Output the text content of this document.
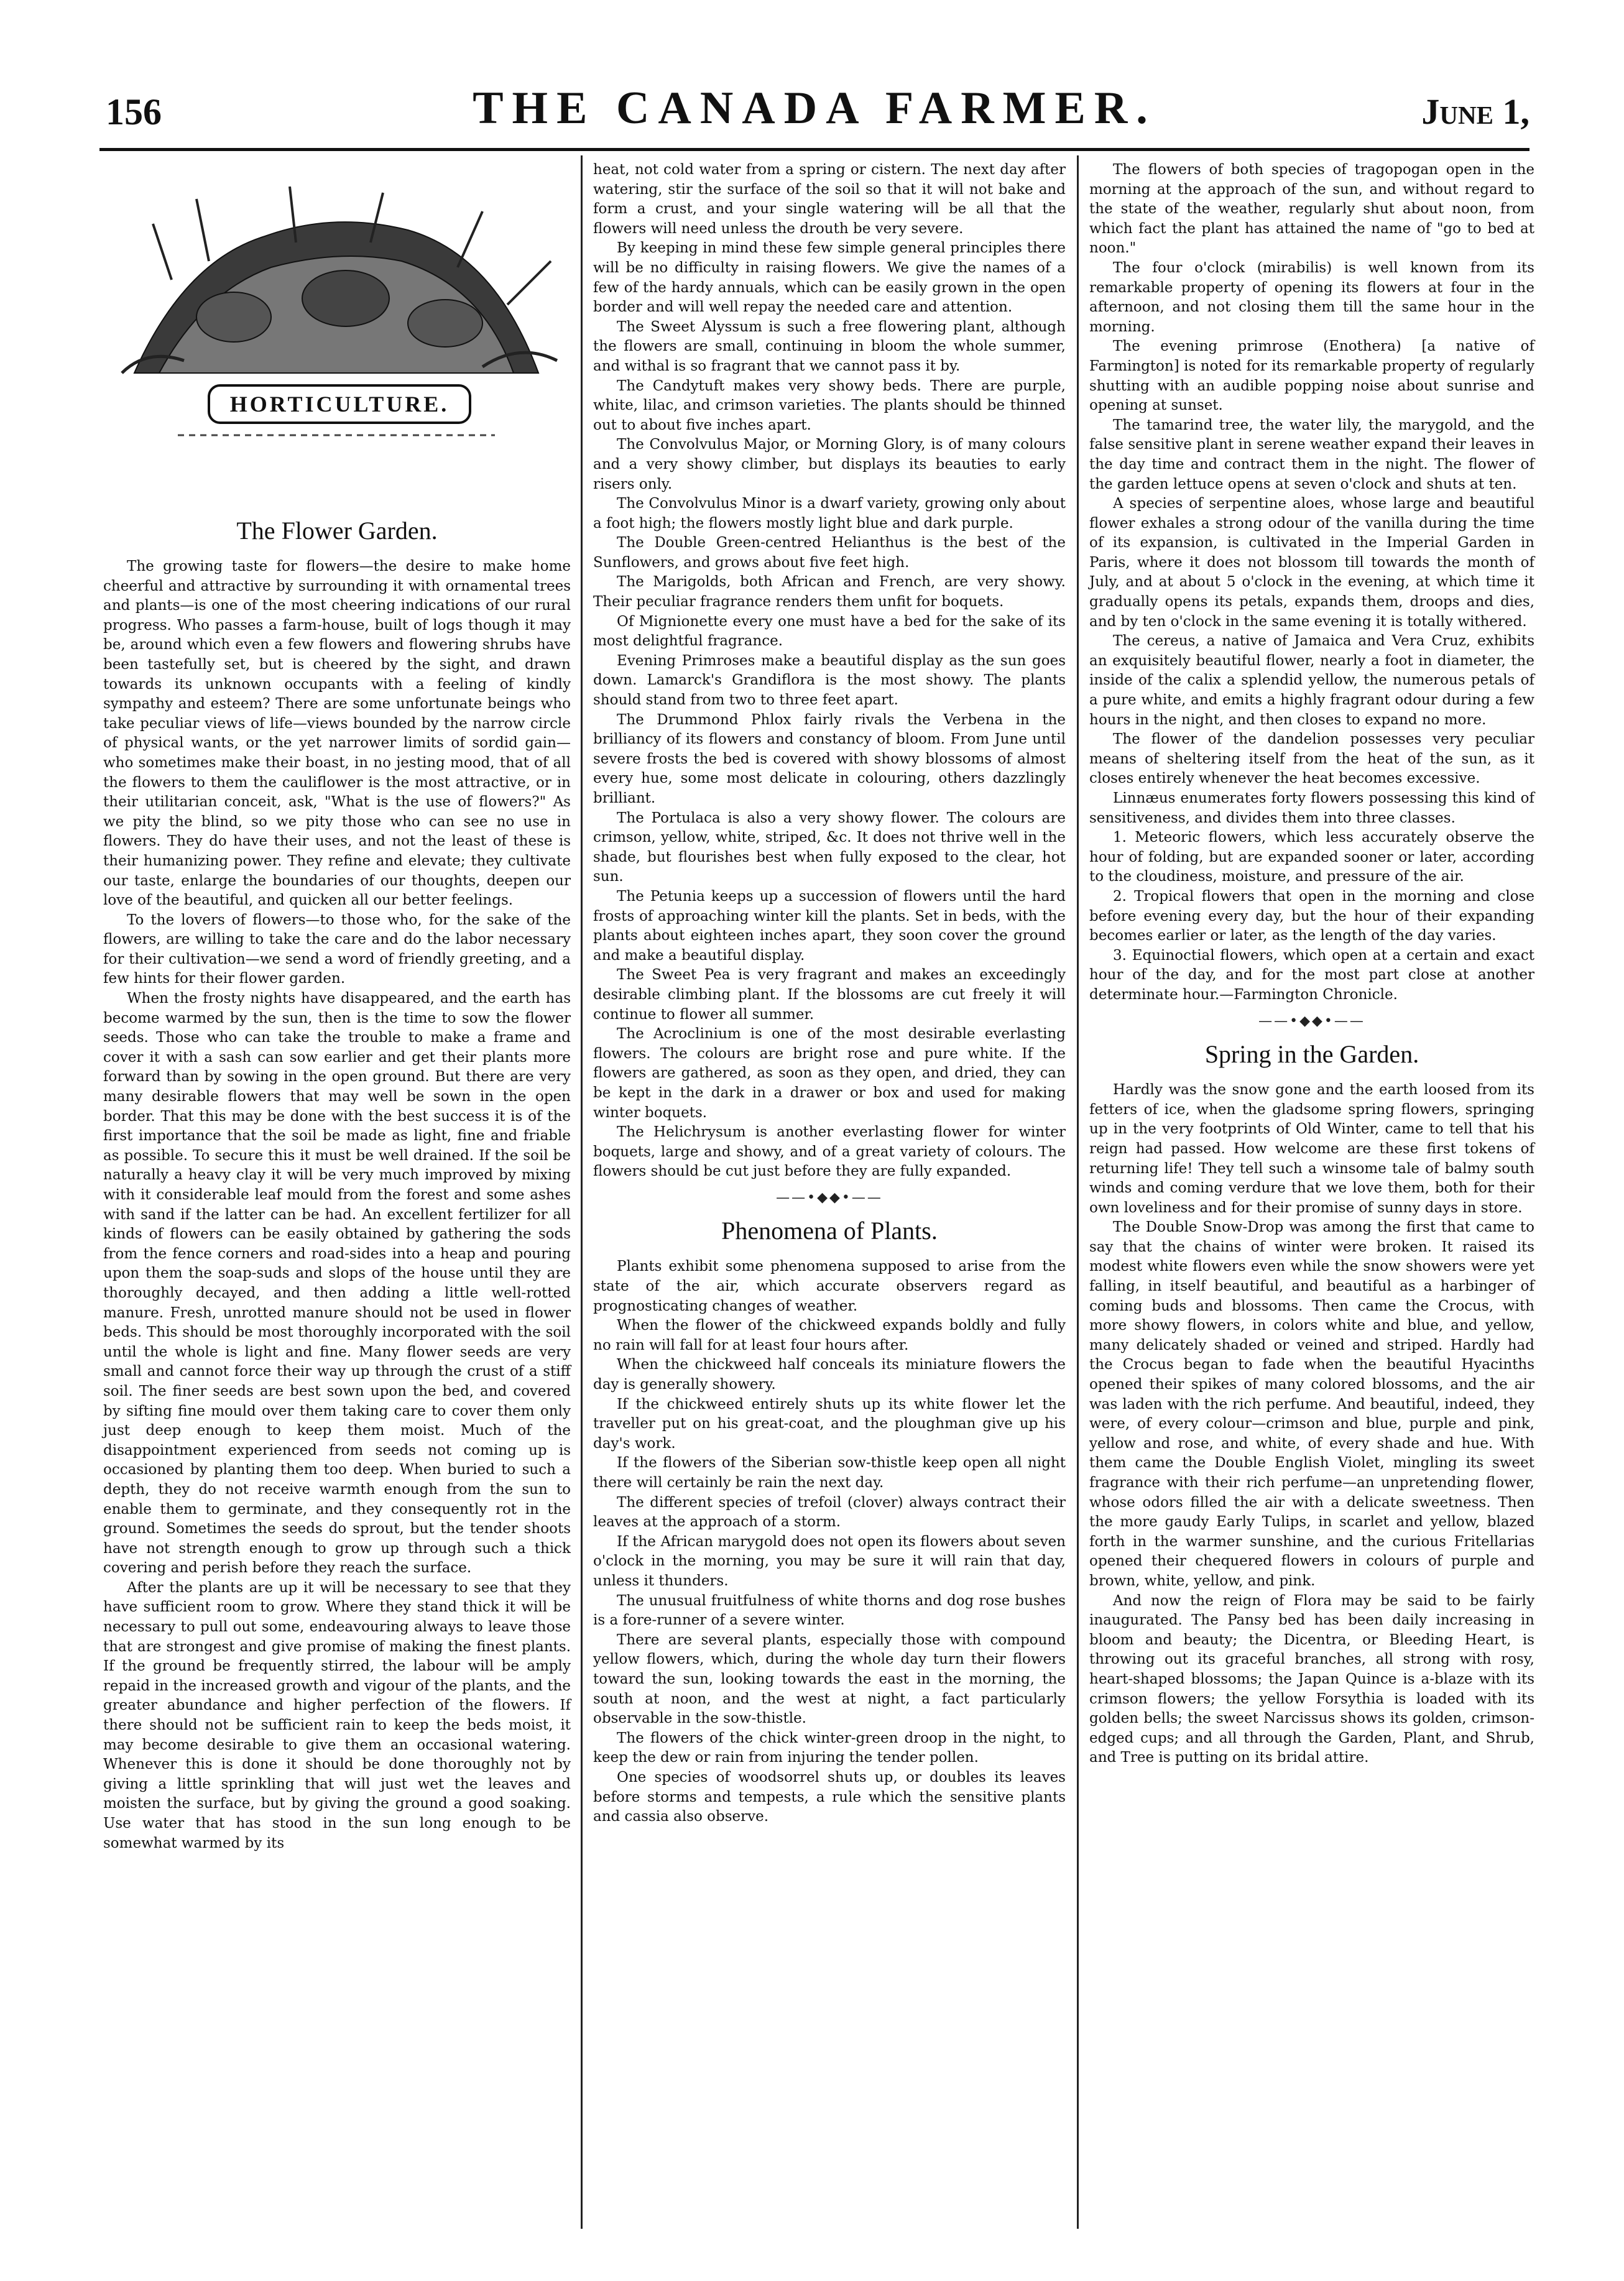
156	THE CANADA FARMER.	June 1,
HORTICULTURE.
The Flower Garden.

The growing taste for flowers—the desire to make home cheerful and attractive by surrounding it with ornamental trees and plants—is one of the most cheering indications of our rural progress. Who passes a farm-house, built of logs though it may be, around which even a few flowers and flowering shrubs have been tastefully set, but is cheered by the sight, and drawn towards its unknown occupants with a feeling of kindly sympathy and esteem? There are some unfortunate beings who take peculiar views of life—views bounded by the narrow circle of physical wants, or the yet narrower limits of sordid gain—who sometimes make their boast, in no jesting mood, that of all the flowers to them the cauliflower is the most attractive, or in their utilitarian conceit, ask, "What is the use of flowers?" As we pity the blind, so we pity those who can see no use in flowers. They do have their uses, and not the least of these is their humanizing power. They refine and elevate; they cultivate our taste, enlarge the boundaries of our thoughts, deepen our love of the beautiful, and quicken all our better feelings.

To the lovers of flowers—to those who, for the sake of the flowers, are willing to take the care and do the labor necessary for their cultivation—we send a word of friendly greeting, and a few hints for their flower garden.

When the frosty nights have disappeared, and the earth has become warmed by the sun, then is the time to sow the flower seeds. Those who can take the trouble to make a frame and cover it with a sash can sow earlier and get their plants more forward than by sowing in the open ground. But there are very many desirable flowers that may well be sown in the open border. That this may be done with the best success it is of the first importance that the soil be made as light, fine and friable as possible. To secure this it must be well drained. If the soil be naturally a heavy clay it will be very much improved by mixing with it considerable leaf mould from the forest and some ashes with sand if the latter can be had. An excellent fertilizer for all kinds of flowers can be easily obtained by gathering the sods from the fence corners and road-sides into a heap and pouring upon them the soap-suds and slops of the house until they are thoroughly decayed, and then adding a little well-rotted manure. Fresh, unrotted manure should not be used in flower beds. This should be most thoroughly incorporated with the soil until the whole is light and fine. Many flower seeds are very small and cannot force their way up through the crust of a stiff soil. The finer seeds are best sown upon the bed, and covered by sifting fine mould over them taking care to cover them only just deep enough to keep them moist. Much of the disappointment experienced from seeds not coming up is occasioned by planting them too deep. When buried to such a depth, they do not receive warmth enough from the sun to enable them to germinate, and they consequently rot in the ground. Sometimes the seeds do sprout, but the tender shoots have not strength enough to grow up through such a thick covering and perish before they reach the surface.

After the plants are up it will be necessary to see that they have sufficient room to grow. Where they stand thick it will be necessary to pull out some, endeavouring always to leave those that are strongest and give promise of making the finest plants. If the ground be frequently stirred, the labour will be amply repaid in the increased growth and vigour of the plants, and the greater abundance and higher perfection of the flowers. If there should not be sufficient rain to keep the beds moist, it may become desirable to give them an occasional watering. Whenever this is done it should be done thoroughly not by giving a little sprinkling that will just wet the leaves and moisten the surface, but by giving the ground a good soaking. Use water that has stood in the sun long enough to be somewhat warmed by its

heat, not cold water from a spring or cistern. The next day after watering, stir the surface of the soil so that it will not bake and form a crust, and your single watering will be all that the flowers will need unless the drouth be very severe.

By keeping in mind these few simple general principles there will be no difficulty in raising flowers. We give the names of a few of the hardy annuals, which can be easily grown in the open border and will well repay the needed care and attention.

The Sweet Alyssum is such a free flowering plant, although the flowers are small, continuing in bloom the whole summer, and withal is so fragrant that we cannot pass it by.

The Candytuft makes very showy beds. There are purple, white, lilac, and crimson varieties. The plants should be thinned out to about five inches apart.

The Convolvulus Major, or Morning Glory, is of many colours and a very showy climber, but displays its beauties to early risers only.

The Convolvulus Minor is a dwarf variety, growing only about a foot high; the flowers mostly light blue and dark purple.

The Double Green-centred Helianthus is the best of the Sunflowers, and grows about five feet high.

The Marigolds, both African and French, are very showy. Their peculiar fragrance renders them unfit for boquets.

Of Mignionette every one must have a bed for the sake of its most delightful fragrance.

Evening Primroses make a beautiful display as the sun goes down. Lamarck's Grandiflora is the most showy. The plants should stand from two to three feet apart.

The Drummond Phlox fairly rivals the Verbena in the brilliancy of its flowers and constancy of bloom. From June until severe frosts the bed is covered with showy blossoms of almost every hue, some most delicate in colouring, others dazzlingly brilliant.

The Portulaca is also a very showy flower. The colours are crimson, yellow, white, striped, &c. It does not thrive well in the shade, but flourishes best when fully exposed to the clear, hot sun.

The Petunia keeps up a succession of flowers until the hard frosts of approaching winter kill the plants. Set in beds, with the plants about eighteen inches apart, they soon cover the ground and make a beautiful display.

The Sweet Pea is very fragrant and makes an exceedingly desirable climbing plant. If the blossoms are cut freely it will continue to flower all summer.

The Acroclinium is one of the most desirable everlasting flowers. The colours are bright rose and pure white. If the flowers are gathered, as soon as they open, and dried, they can be kept in the dark in a drawer or box and used for making winter boquets.

The Helichrysum is another everlasting flower for winter boquets, large and showy, and of a great variety of colours. The flowers should be cut just before they are fully expanded.

——•◆◆•——
Phenomena of Plants.

Plants exhibit some phenomena supposed to arise from the state of the air, which accurate observers regard as prognosticating changes of weather.

When the flower of the chickweed expands boldly and fully no rain will fall for at least four hours after.

When the chickweed half conceals its miniature flowers the day is generally showery.

If the chickweed entirely shuts up its white flower let the traveller put on his great-coat, and the ploughman give up his day's work.

If the flowers of the Siberian sow-thistle keep open all night there will certainly be rain the next day.

The different species of trefoil (clover) always contract their leaves at the approach of a storm.

If the African marygold does not open its flowers about seven o'clock in the morning, you may be sure it will rain that day, unless it thunders.

The unusual fruitfulness of white thorns and dog rose bushes is a fore-runner of a severe winter.

There are several plants, especially those with compound yellow flowers, which, during the whole day turn their flowers toward the sun, looking towards the east in the morning, the south at noon, and the west at night, a fact particularly observable in the sow-thistle.

The flowers of the chick winter-green droop in the night, to keep the dew or rain from injuring the tender pollen.

One species of woodsorrel shuts up, or doubles its leaves before storms and tempests, a rule which the sensitive plants and cassia also observe.

The flowers of both species of tragopogan open in the morning at the approach of the sun, and without regard to the state of the weather, regularly shut about noon, from which fact the plant has attained the name of "go to bed at noon."

The four o'clock (mirabilis) is well known from its remarkable property of opening its flowers at four in the afternoon, and not closing them till the same hour in the morning.

The evening primrose (Enothera) [a native of Farmington] is noted for its remarkable property of regularly shutting with an audible popping noise about sunrise and opening at sunset.

The tamarind tree, the water lily, the marygold, and the false sensitive plant in serene weather expand their leaves in the day time and contract them in the night. The flower of the garden lettuce opens at seven o'clock and shuts at ten.

A species of serpentine aloes, whose large and beautiful flower exhales a strong odour of the vanilla during the time of its expansion, is cultivated in the Imperial Garden in Paris, where it does not blossom till towards the month of July, and at about 5 o'clock in the evening, at which time it gradually opens its petals, expands them, droops and dies, and by ten o'clock in the same evening it is totally withered.

The cereus, a native of Jamaica and Vera Cruz, exhibits an exquisitely beautiful flower, nearly a foot in diameter, the inside of the calix a splendid yellow, the numerous petals of a pure white, and emits a highly fragrant odour during a few hours in the night, and then closes to expand no more.

The flower of the dandelion possesses very peculiar means of sheltering itself from the heat of the sun, as it closes entirely whenever the heat becomes excessive.

Linnæus enumerates forty flowers possessing this kind of sensitiveness, and divides them into three classes.

1. Meteoric flowers, which less accurately observe the hour of folding, but are expanded sooner or later, according to the cloudiness, moisture, and pressure of the air.

2. Tropical flowers that open in the morning and close before evening every day, but the hour of their expanding becomes earlier or later, as the length of the day varies.

3. Equinoctial flowers, which open at a certain and exact hour of the day, and for the most part close at another determinate hour.—Farmington Chronicle.

——•◆◆•——
Spring in the Garden.

Hardly was the snow gone and the earth loosed from its fetters of ice, when the gladsome spring flowers, springing up in the very footprints of Old Winter, came to tell that his reign had passed. How welcome are these first tokens of returning life! They tell such a winsome tale of balmy south winds and coming verdure that we love them, both for their own loveliness and for their promise of sunny days in store.

The Double Snow-Drop was among the first that came to say that the chains of winter were broken. It raised its modest white flowers even while the snow showers were yet falling, in itself beautiful, and beautiful as a harbinger of coming buds and blossoms. Then came the Crocus, with more showy flowers, in colors white and blue, and yellow, many delicately shaded or veined and striped. Hardly had the Crocus began to fade when the beautiful Hyacinths opened their spikes of many colored blossoms, and the air was laden with the rich perfume. And beautiful, indeed, they were, of every colour—crimson and blue, purple and pink, yellow and rose, and white, of every shade and hue. With them came the Double English Violet, mingling its sweet fragrance with their rich perfume—an unpretending flower, whose odors filled the air with a delicate sweetness. Then the more gaudy Early Tulips, in scarlet and yellow, blazed forth in the warmer sunshine, and the curious Fritellarias opened their chequered flowers in colours of purple and brown, white, yellow, and pink.

And now the reign of Flora may be said to be fairly inaugurated. The Pansy bed has been daily increasing in bloom and beauty; the Dicentra, or Bleeding Heart, is throwing out its graceful branches, all strong with rosy, heart-shaped blossoms; the Japan Quince is a-blaze with its crimson flowers; the yellow Forsythia is loaded with its golden bells; the sweet Narcissus shows its golden, crimson-edged cups; and all through the Garden, Plant, and Shrub, and Tree is putting on its bridal attire.
